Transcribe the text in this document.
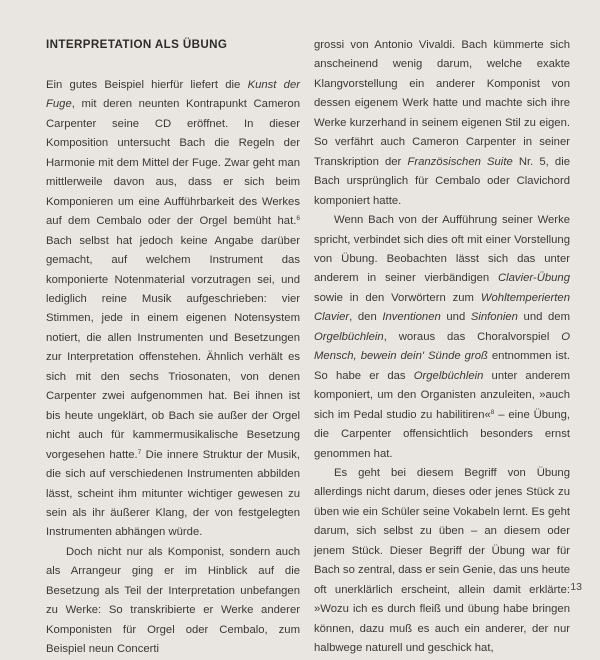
INTERPRETATION ALS ÜBUNG

Ein gutes Beispiel hierfür liefert die Kunst der Fuge, mit deren neunten Kontrapunkt Cameron Carpenter seine CD eröffnet. In dieser Komposition untersucht Bach die Regeln der Harmonie mit dem Mittel der Fuge. Zwar geht man mittlerweile davon aus, dass er sich beim Komponieren um eine Aufführbarkeit des Werkes auf dem Cembalo oder der Orgel bemüht hat.$^6$ Bach selbst hat jedoch keine Angabe darüber gemacht, auf welchem Instrument das komponierte Notenmaterial vorzutragen sei, und lediglich reine Musik aufgeschrieben: vier Stimmen, jede in einem eigenen Notensystem notiert, die allen Instrumenten und Besetzungen zur Interpretation offenstehen. Ähnlich verhält es sich mit den sechs Triosonaten, von denen Carpenter zwei aufgenommen hat. Bei ihnen ist bis heute ungeklärt, ob Bach sie außer der Orgel nicht auch für kammermusikalische Besetzung vorgesehen hatte.$^7$ Die innere Struktur der Musik, die sich auf verschiedenen Instrumenten abbilden lässt, scheint ihm mitunter wichtiger gewesen zu sein als ihr äußerer Klang, der von festgelegten Instrumenten abhängen würde.

Doch nicht nur als Komponist, sondern auch als Arrangeur ging er im Hinblick auf die Besetzung als Teil der Interpretation unbefangen zu Werke: So transkribierte er Werke anderer Komponisten für Orgel oder Cembalo, zum Beispiel neun Concerti

grossi von Antonio Vivaldi. Bach kümmerte sich anscheinend wenig darum, welche exakte Klangvorstellung ein anderer Komponist von dessen eigenem Werk hatte und machte sich ihre Werke kurzerhand in seinem eigenen Stil zu eigen. So verfährt auch Cameron Carpenter in seiner Transkription der Französischen Suite Nr. 5, die Bach ursprünglich für Cembalo oder Clavichord komponiert hatte.

Wenn Bach von der Aufführung seiner Werke spricht, verbindet sich dies oft mit einer Vorstellung von Übung. Beobachten lässt sich das unter anderem in seiner vierbändigen Clavier-Übung sowie in den Vorwörtern zum Wohltemperierten Clavier, den Inventionen und Sinfonien und dem Orgelbüchlein, woraus das Choralvorspiel O Mensch, bewein dein' Sünde groß entnommen ist. So habe er das Orgelbüchlein unter anderem komponiert, um den Organisten anzuleiten, »auch sich im Pedal studio zu habilitiren«$^8$ – eine Übung, die Carpenter offensichtlich besonders ernst genommen hat.

Es geht bei diesem Begriff von Übung allerdings nicht darum, dieses oder jenes Stück zu üben wie ein Schüler seine Vokabeln lernt. Es geht darum, sich selbst zu üben – an diesem oder jenem Stück. Dieser Begriff der Übung war für Bach so zentral, dass er sein Genie, das uns heute oft unerklärlich erscheint, allein damit erklärte: »Wozu ich es durch fleiß und übung habe bringen können, dazu muß es auch ein anderer, der nur halbwege naturell und geschick hat,

13
